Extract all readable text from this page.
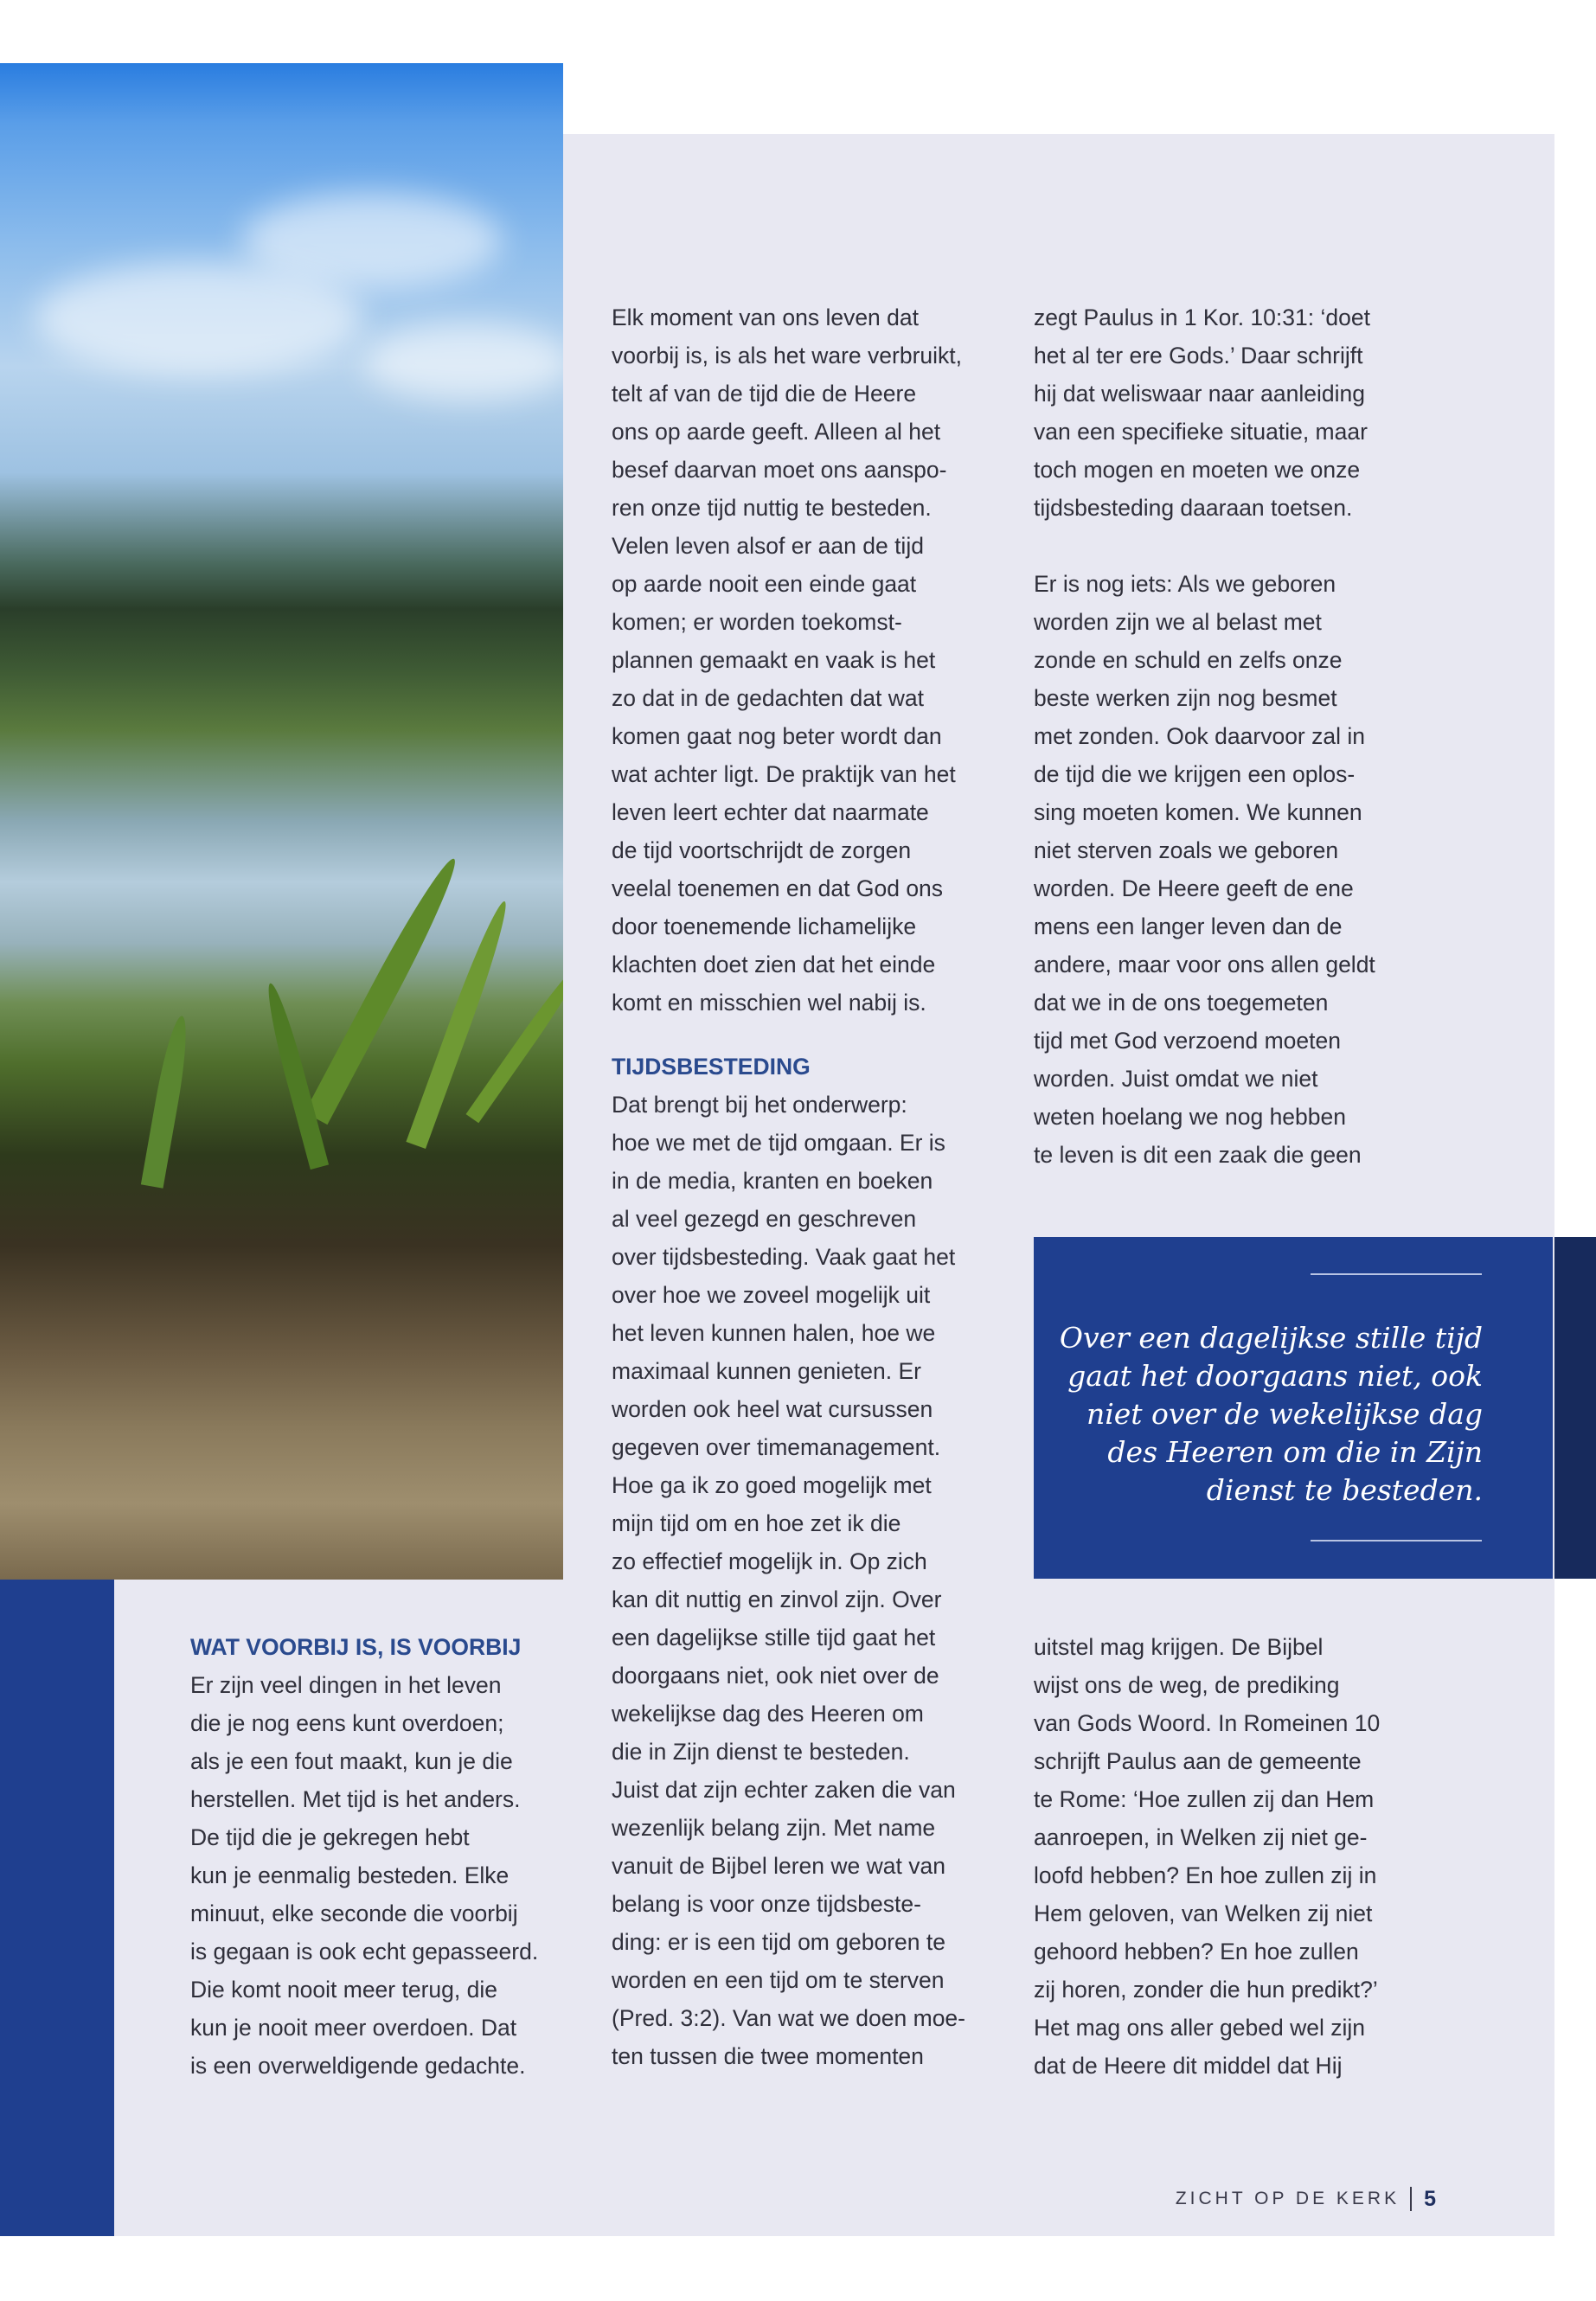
WAT VOORBIJ IS, IS VOORBIJ

Er zijn veel dingen in het leven

die je nog eens kunt overdoen;

als je een fout maakt, kun je die

herstellen. Met tijd is het anders.

De tijd die je gekregen hebt

kun je eenmalig besteden. Elke

minuut, elke seconde die voorbij

is gegaan is ook echt gepasseerd.

Die komt nooit meer terug, die

kun je nooit meer overdoen. Dat

is een overweldigende gedachte.

Elk moment van ons leven dat

voorbij is, is als het ware verbruikt,

telt af van de tijd die de Heere

ons op aarde geeft. Alleen al het

besef daarvan moet ons aanspo-

ren onze tijd nuttig te besteden.

Velen leven alsof er aan de tijd

op aarde nooit een einde gaat

komen; er worden toekomst-

plannen gemaakt en vaak is het

zo dat in de gedachten dat wat

komen gaat nog beter wordt dan

wat achter ligt. De praktijk van het

leven leert echter dat naarmate

de tijd voortschrijdt de zorgen

veelal toenemen en dat God ons

door toenemende lichamelijke

klachten doet zien dat het einde

komt en misschien wel nabij is.

TIJDSBESTEDING

Dat brengt bij het onderwerp:

hoe we met de tijd omgaan. Er is

in de media, kranten en boeken

al veel gezegd en geschreven

over tijdsbesteding. Vaak gaat het

over hoe we zoveel mogelijk uit

het leven kunnen halen, hoe we

maximaal kunnen genieten. Er

worden ook heel wat cursussen

gegeven over timemanagement.

Hoe ga ik zo goed mogelijk met

mijn tijd om en hoe zet ik die

zo effectief mogelijk in. Op zich

kan dit nuttig en zinvol zijn. Over

een dagelijkse stille tijd gaat het

doorgaans niet, ook niet over de

wekelijkse dag des Heeren om

die in Zijn dienst te besteden.

Juist dat zijn echter zaken die van

wezenlijk belang zijn. Met name

vanuit de Bijbel leren we wat van

belang is voor onze tijdsbeste-

ding: er is een tijd om geboren te

worden en een tijd om te sterven

(Pred. 3:2). Van wat we doen moe-

ten tussen die twee momenten

zegt Paulus in 1 Kor. 10:31: ‘doet

het al ter ere Gods.’ Daar schrijft

hij dat weliswaar naar aanleiding

van een specifieke situatie, maar

toch mogen en moeten we onze

tijdsbesteding daaraan toetsen.

Er is nog iets: Als we geboren

worden zijn we al belast met

zonde en schuld en zelfs onze

beste werken zijn nog besmet

met zonden. Ook daarvoor zal in

de tijd die we krijgen een oplos-

sing moeten komen. We kunnen

niet sterven zoals we geboren

worden. De Heere geeft de ene

mens een langer leven dan de

andere, maar voor ons allen geldt

dat we in de ons toegemeten

tijd met God verzoend moeten

worden. Juist omdat we niet

weten hoelang we nog hebben

te leven is dit een zaak die geen

Over een dagelijkse stille tijd
gaat het doorgaans niet, ook
niet over de wekelijkse dag
des Heeren om die in Zijn
dienst te besteden.

uitstel mag krijgen. De Bijbel

wijst ons de weg, de prediking

van Gods Woord. In Romeinen 10

schrijft Paulus aan de gemeente

te Rome: ‘Hoe zullen zij dan Hem

aanroepen, in Welken zij niet ge-

loofd hebben? En hoe zullen zij in

Hem geloven, van Welken zij niet

gehoord hebben? En hoe zullen

zij horen, zonder die hun predikt?’

Het mag ons aller gebed wel zijn

dat de Heere dit middel dat Hij

ZICHT OP DE KERK 5
